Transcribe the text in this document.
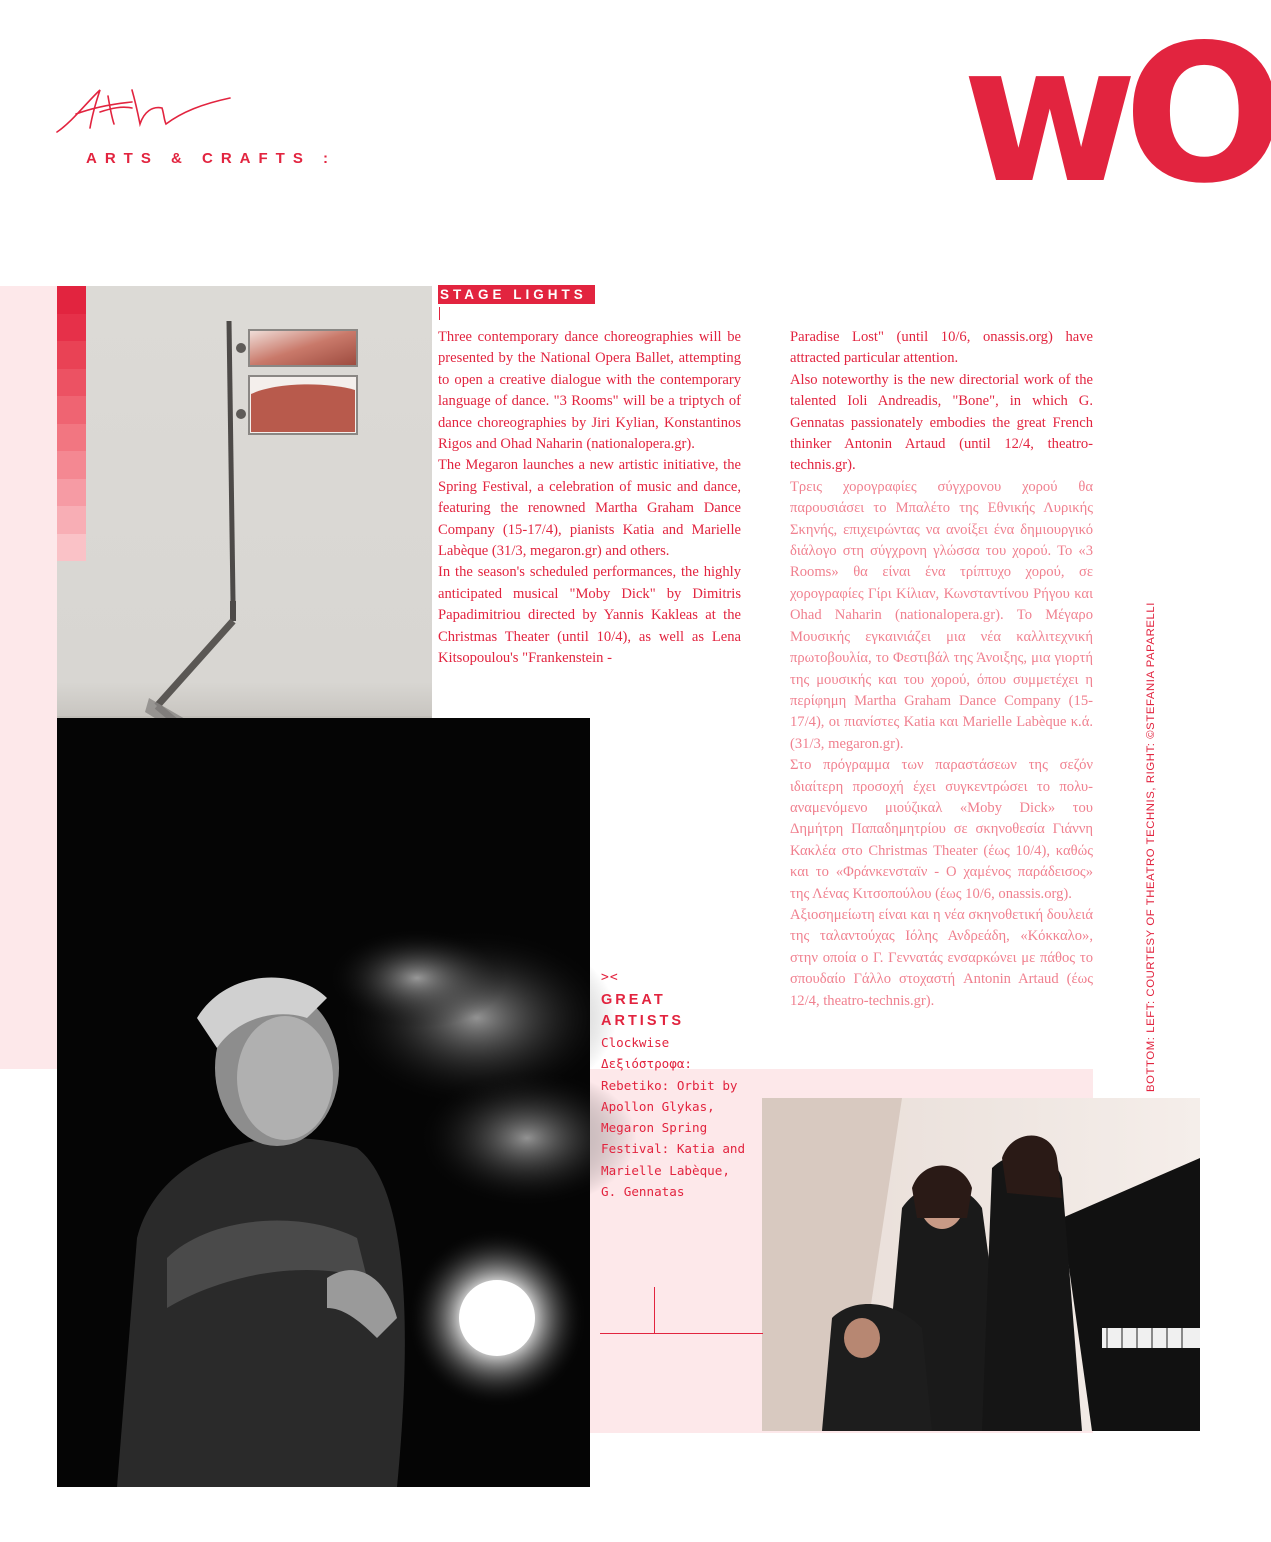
ARTS & CRAFTS :	wO
STAGE LIGHTS

Three contemporary dance choreographies will be presented by the National Opera Ballet, attempting to open a creative dialogue with the contemporary language of dance. "3 Rooms" will be a triptych of dance choreographies by Jiri Kylian, Konstantinos Rigos and Ohad Naharin (nationalopera.gr).

The Megaron launches a new artistic initiative, the Spring Festival, a celebration of music and dance, featuring the renowned Martha Graham Dance Company (15-17/4), pianists Katia and Marielle Labèque (31/3, megaron.gr) and others.

In the season's scheduled performances, the highly anticipated musical "Moby Dick" by Dimitris Papadimitriou directed by Yannis Kakleas at the Christmas Theater (until 10/4), as well as Lena Kitsopoulou's "Frankenstein -

Paradise Lost" (until 10/6, onassis.org) have attracted particular attention.

Also noteworthy is the new directorial work of the talented Ioli Andreadis, "Bone", in which G. Gennatas passionately embodies the great French thinker Antonin Artaud (until 12/4, theatro-technis.gr).

Τρεις χορογραφίες σύγχρονου χορού θα παρουσιάσει το Μπαλέτο της Εθνικής Λυρικής Σκηνής, επιχειρώντας να ανοίξει ένα δημιουργικό διάλογο στη σύγχρονη γλώσσα του χορού. Το «3 Rooms» θα είναι ένα τρίπτυχο χορού, σε χορογραφίες Γίρι Κίλιαν, Κωνσταντίνου Ρήγου και Ohad Naharin (nationalopera.gr). Το Μέγαρο Μουσικής εγκαινιάζει μια νέα καλλιτεχνική πρωτοβουλία, το Φεστιβάλ της Άνοιξης, μια γιορτή της μουσικής και του χορού, όπου συμμετέχει η περίφημη Martha Graham Dance Company (15-17/4), οι πιανίστες Katia και Marielle Labèque κ.ά. (31/3, megaron.gr).

Στο πρόγραμμα των παραστάσεων της σεζόν ιδιαίτερη προσοχή έχει συγκεντρώσει το πολυ-αναμενόμενο μιούζικαλ «Moby Dick» του Δημήτρη Παπαδημητρίου σε σκηνοθεσία Γιάννη Κακλέα στο Christmas Theater (έως 10/4), καθώς και το «Φράνκενσταϊν - Ο χαμένος παράδεισος» της Λένας Κιτσοπούλου (έως 10/6, onassis.org).

Αξιοσημείωτη είναι και η νέα σκηνοθετική δουλειά της ταλαντούχας Ιόλης Ανδρεάδη, «Κόκκαλο», στην οποία ο Γ. Γεννατάς ενσαρκώνει με πάθος το σπουδαίο Γάλλο στοχαστή Antonin Artaud (έως 12/4, theatro-technis.gr).

><
GREAT
ARTISTS
Clockwise
Δεξιόστροφα:
Rebetiko: Orbit by Apollon Glykas, Megaron Spring Festival: Katia and Marielle Labèque, G. Gennatas
BOTTOM: LEFT: COURTESY OF THEATRO TECHNIS, RIGHT: ©STEFANIA PAPARELLI
